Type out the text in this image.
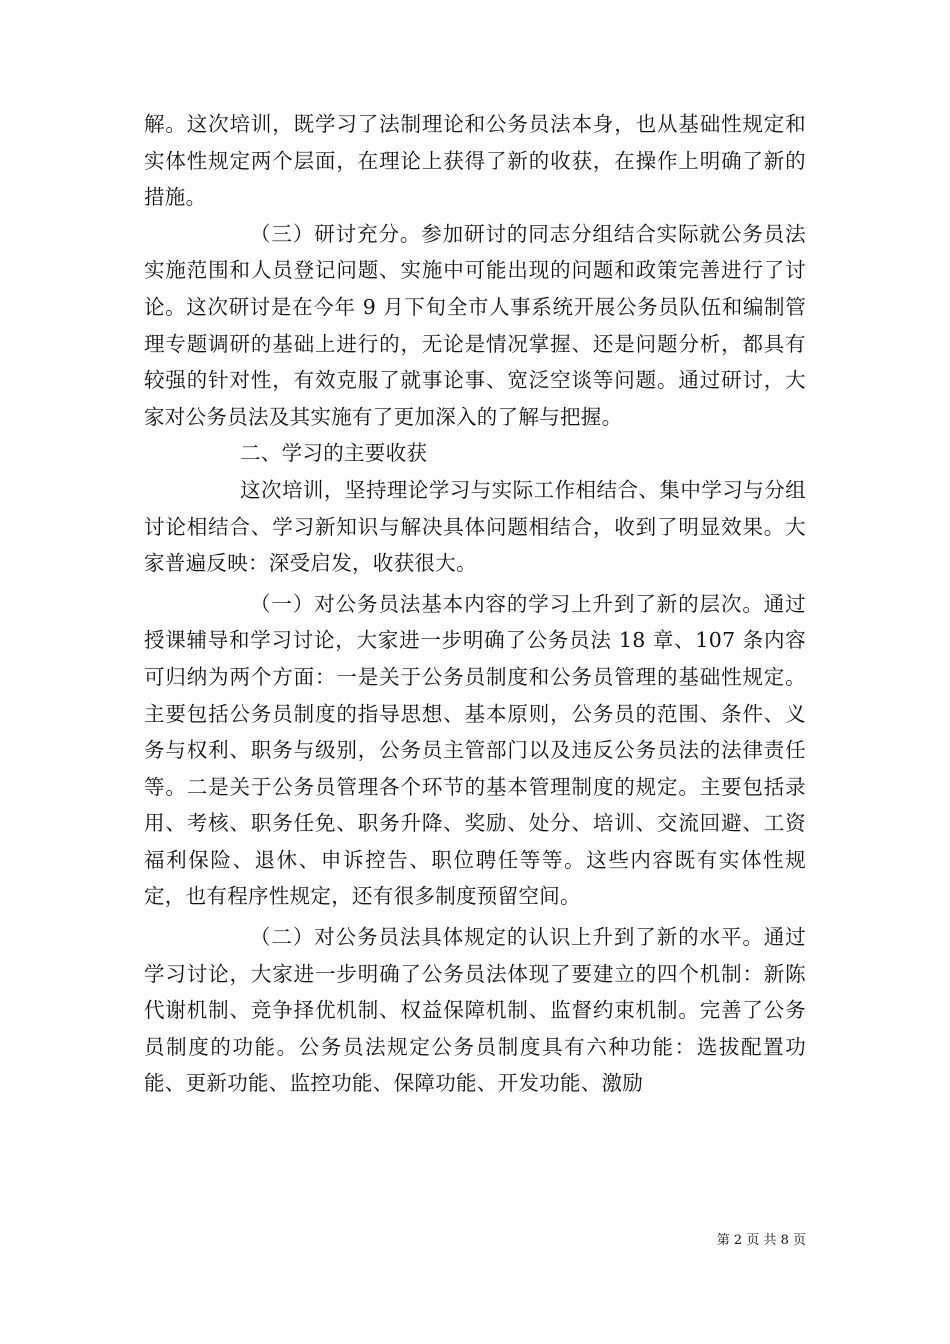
解。这次培训，既学习了法制理论和公务员法本身，也从基础性规定和实体性规定两个层面，在理论上获得了新的收获，在操作上明确了新的措施。

（三）研讨充分。参加研讨的同志分组结合实际就公务员法实施范围和人员登记问题、实施中可能出现的问题和政策完善进行了讨论。这次研讨是在今年 9 月下旬全市人事系统开展公务员队伍和编制管理专题调研的基础上进行的，无论是情况掌握、还是问题分析，都具有较强的针对性，有效克服了就事论事、宽泛空谈等问题。通过研讨，大家对公务员法及其实施有了更加深入的了解与把握。

二、学习的主要收获

这次培训，坚持理论学习与实际工作相结合、集中学习与分组讨论相结合、学习新知识与解决具体问题相结合，收到了明显效果。大家普遍反映：深受启发，收获很大。

（一）对公务员法基本内容的学习上升到了新的层次。通过授课辅导和学习讨论，大家进一步明确了公务员法 18 章、107 条内容可归纳为两个方面：一是关于公务员制度和公务员管理的基础性规定。主要包括公务员制度的指导思想、基本原则，公务员的范围、条件、义务与权利、职务与级别，公务员主管部门以及违反公务员法的法律责任等。二是关于公务员管理各个环节的基本管理制度的规定。主要包括录用、考核、职务任免、职务升降、奖励、处分、培训、交流回避、工资福利保险、退休、申诉控告、职位聘任等等。这些内容既有实体性规定，也有程序性规定，还有很多制度预留空间。

（二）对公务员法具体规定的认识上升到了新的水平。通过学习讨论，大家进一步明确了公务员法体现了要建立的四个机制：新陈代谢机制、竞争择优机制、权益保障机制、监督约束机制。完善了公务员制度的功能。公务员法规定公务员制度具有六种功能：选拔配置功能、更新功能、监控功能、保障功能、开发功能、激励

第 2 页 共 8 页
